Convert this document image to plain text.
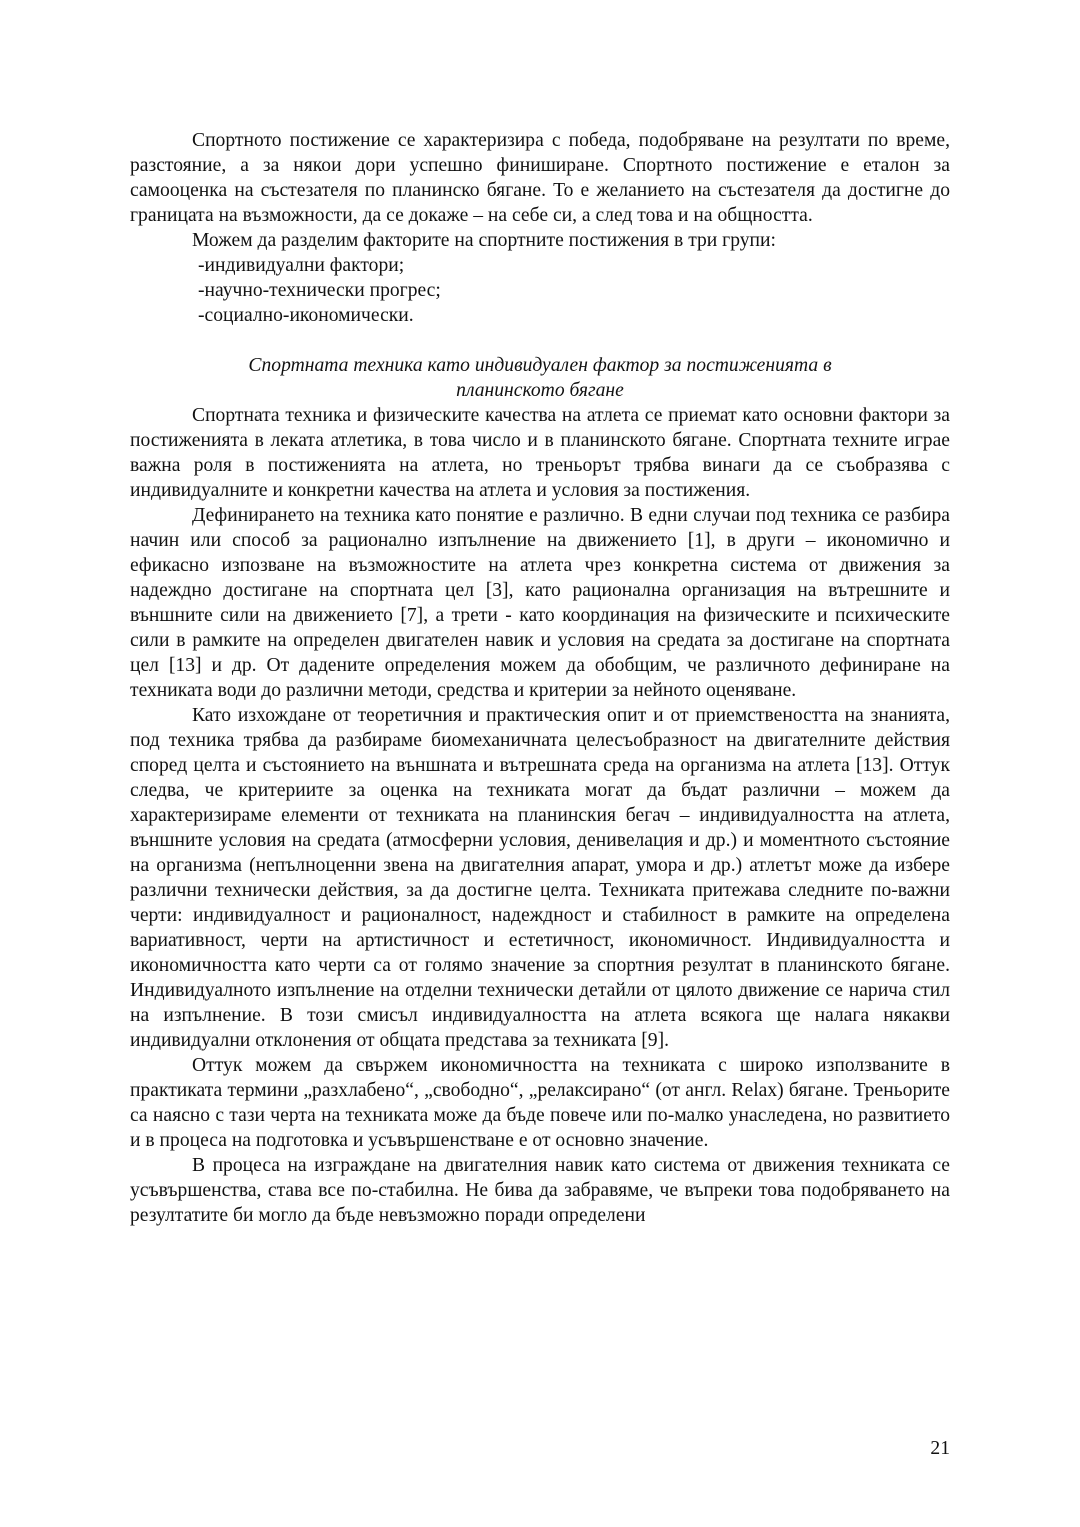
Спортното постижение се характеризира с победа, подобряване на резултати по време, разстояние, а за някои дори успешно финиширане. Спортното постижение е еталон за самооценка на състезателя по планинско бягане. То е желанието на състезателя да достигне до границата на възможности, да се докаже – на себе си, а след това и на общността.

Можем да разделим факторите на спортните постижения в три групи:

-индивидуални фактори;
-научно-технически прогрес;
-социално-икономически.
Спортната техника като индивидуален фактор за постиженията в
планинското бягане

Спортната техника и физическите качества на атлета се приемат като основни фактори за постиженията в леката атлетика, в това число и в планинското бягане. Спортната техните играе важна роля в постиженията на атлета, но треньорът трябва винаги да се съобразява с индивидуалните и конкретни качества на атлета и условия за постижения.

Дефинирането на техника като понятие е различно. В едни случаи под техника се разбира начин или способ за рационално изпълнение на движението [1], в други – икономично и ефикасно изпозване на възможностите на атлета чрез конкретна система от движения за надеждно достигане на спортната цел [3], като рационална организация на вътрешните и външните сили на движението [7], а трети - като координация на физическите и психическите сили в рамките на определен двигателен навик и условия на средата за достигане на спортната цел [13] и др. От дадените определения можем да обобщим, че различното дефиниране на техниката води до различни методи, средства и критерии за нейното оценяване.

Като изхождане от теоретичния и практическия опит и от приемствеността на знанията, под техника трябва да разбираме биомеханичната целесъобразност на двигателните действия според целта и състоянието на външната и вътрешната среда на организма на атлета [13]. Оттук следва, че критериите за оценка на техниката могат да бъдат различни – можем да характеризираме елементи от техниката на планинския бегач – индивидуалността на атлета, външните условия на средата (атмосферни условия, денивелация и др.) и моментното състояние на организма (непълноценни звена на двигателния апарат, умора и др.) атлетът може да избере различни технически действия, за да достигне целта. Техниката притежава следните по-важни черти: индивидуалност и рационалност, надеждност и стабилност в рамките на определена вариативност, черти на артистичност и естетичност, икономичност. Индивидуалността и икономичността като черти са от голямо значение за спортния резултат в планинското бягане. Индивидуалното изпълнение на отделни технически детайли от цялото движение се нарича стил на изпълнение. В този смисъл индивидуалността на атлета всякога ще налага някакви индивидуални отклонения от общата представа за техниката [9].

Оттук можем да свържем икономичността на техниката с широко използваните в практиката термини „разхлабено“, „свободно“, „релаксирано“ (от англ. Relax) бягане. Треньорите са наясно с тази черта на техниката може да бъде повече или по-малко унаследена, но развитието и в процеса на подготовка и усъвършенстване е от основно значение.

В процеса на изграждане на двигателния навик като система от движения техниката се усъвършенства, става все по-стабилна. Не бива да забравяме, че въпреки това подобряването на резултатите би могло да бъде невъзможно поради определени

21
